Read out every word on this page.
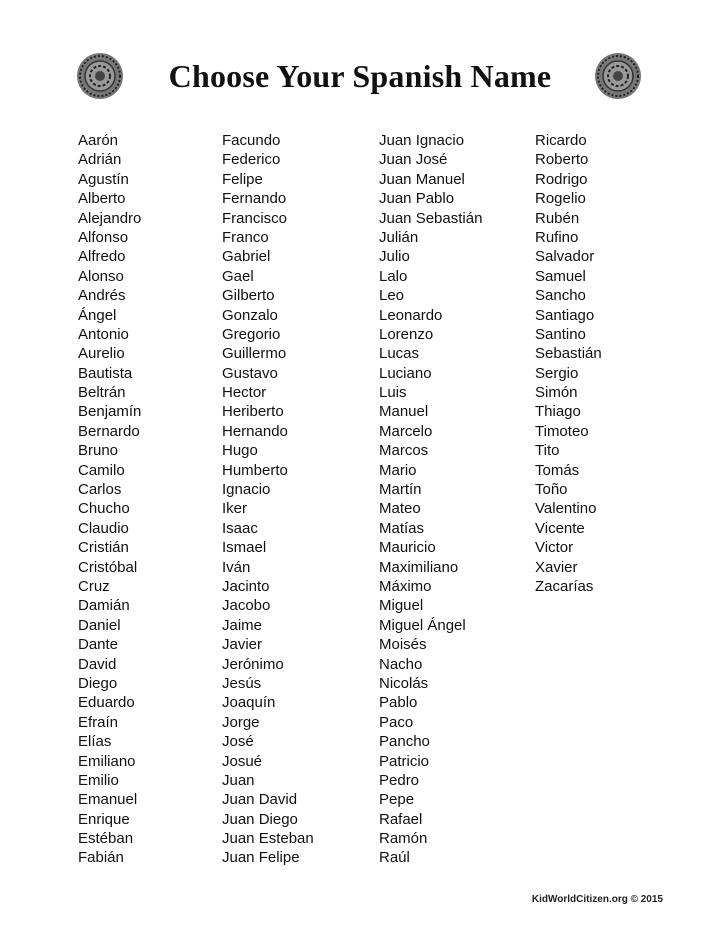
Choose Your Spanish Name
Aarón
Adrián
Agustín
Alberto
Alejandro
Alfonso
Alfredo
Alonso
Andrés
Ángel
Antonio
Aurelio
Bautista
Beltrán
Benjamín
Bernardo
Bruno
Camilo
Carlos
Chucho
Claudio
Cristián
Cristóbal
Cruz
Damián
Daniel
Dante
David
Diego
Eduardo
Efraín
Elías
Emiliano
Emilio
Emanuel
Enrique
Estéban
Fabián
Facundo
Federico
Felipe
Fernando
Francisco
Franco
Gabriel
Gael
Gilberto
Gonzalo
Gregorio
Guillermo
Gustavo
Hector
Heriberto
Hernando
Hugo
Humberto
Ignacio
Iker
Isaac
Ismael
Iván
Jacinto
Jacobo
Jaime
Javier
Jerónimo
Jesús
Joaquín
Jorge
José
Josué
Juan
Juan David
Juan Diego
Juan Esteban
Juan Felipe
Juan Ignacio
Juan José
Juan Manuel
Juan Pablo
Juan Sebastián
Julián
Julio
Lalo
Leo
Leonardo
Lorenzo
Lucas
Luciano
Luis
Manuel
Marcelo
Marcos
Mario
Martín
Mateo
Matías
Mauricio
Maximiliano
Máximo
Miguel
Miguel Ángel
Moisés
Nacho
Nicolás
Pablo
Paco
Pancho
Patricio
Pedro
Pepe
Rafael
Ramón
Raúl
Ricardo
Roberto
Rodrigo
Rogelio
Rubén
Rufino
Salvador
Samuel
Sancho
Santiago
Santino
Sebastián
Sergio
Simón
Thiago
Timoteo
Tito
Tomás
Toño
Valentino
Vicente
Victor
Xavier
Zacarías
KidWorldCitizen.org © 2015
